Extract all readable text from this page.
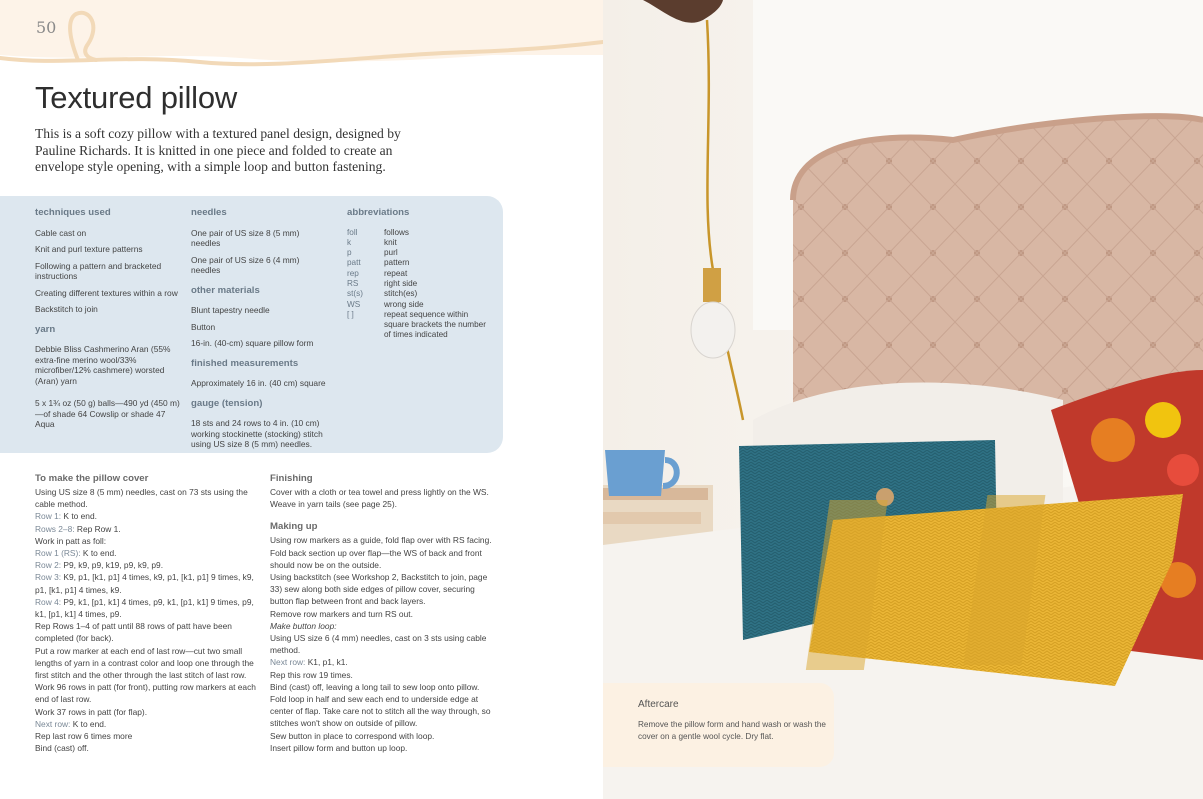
50
Textured pillow

This is a soft cozy pillow with a textured panel design, designed by Pauline Richards. It is knitted in one piece and folded to create an envelope style opening, with a simple loop and button fastening.

techniques used

Cable cast on

Knit and purl texture patterns

Following a pattern and bracketed instructions

Creating different textures within a row

Backstitch to join

yarn

Debbie Bliss Cashmerino Aran (55% extra-fine merino wool/33% microfiber/12% cashmere) worsted (Aran) yarn

5 x 1¾ oz (50 g) balls—490 yd (450 m) —of shade 64 Cowslip or shade 47 Aqua

needles

One pair of US size 8 (5 mm) needles

One pair of US size 6 (4 mm) needles

other materials

Blunt tapestry needle

Button

16-in. (40-cm) square pillow form

finished measurements

Approximately 16 in. (40 cm) square

gauge (tension)

18 sts and 24 rows to 4 in. (10 cm) working stockinette (stocking) stitch using US size 8 (5 mm) needles.

abbreviations
foll	follows
k	knit
p	purl
patt	pattern
rep	repeat
RS	right side
st(s)	stitch(es)
WS	wrong side
[ ]	repeat sequence within square brackets the number of times indicated
To make the pillow cover

Using US size 8 (5 mm) needles, cast on 73 sts using the cable method.

Row 1: K to end.

Rows 2–8: Rep Row 1.

Work in patt as foll:

Row 1 (RS): K to end.

Row 2: P9, k9, p9, k19, p9, k9, p9.

Row 3: K9, p1, [k1, p1] 4 times, k9, p1, [k1, p1] 9 times, k9, p1, [k1, p1] 4 times, k9.

Row 4: P9, k1, [p1, k1] 4 times, p9, k1, [p1, k1] 9 times, p9, k1, [p1, k1] 4 times, p9.

Rep Rows 1–4 of patt until 88 rows of patt have been completed (for back).

Put a row marker at each end of last row—cut two small lengths of yarn in a contrast color and loop one through the first stitch and the other through the last stitch of last row.

Work 96 rows in patt (for front), putting row markers at each end of last row.

Work 37 rows in patt (for flap).

Next row: K to end.

Rep last row 6 times more

Bind (cast) off.

Finishing

Cover with a cloth or tea towel and press lightly on the WS. Weave in yarn tails (see page 25).

Making up

Using row markers as a guide, fold flap over with RS facing. Fold back section up over flap—the WS of back and front should now be on the outside.

Using backstitch (see Workshop 2, Backstitch to join, page 33) sew along both side edges of pillow cover, securing button flap between front and back layers.

Remove row markers and turn RS out.

Make button loop:

Using US size 6 (4 mm) needles, cast on 3 sts using cable method.

Next row: K1, p1, k1.

Rep this row 19 times.

Bind (cast) off, leaving a long tail to sew loop onto pillow.

Fold loop in half and sew each end to underside edge at center of flap. Take care not to stitch all the way through, so stitches won't show on outside of pillow.

Sew button in place to correspond with loop.

Insert pillow form and button up loop.

Aftercare

Remove the pillow form and hand wash or wash the cover on a gentle wool cycle. Dry flat.
